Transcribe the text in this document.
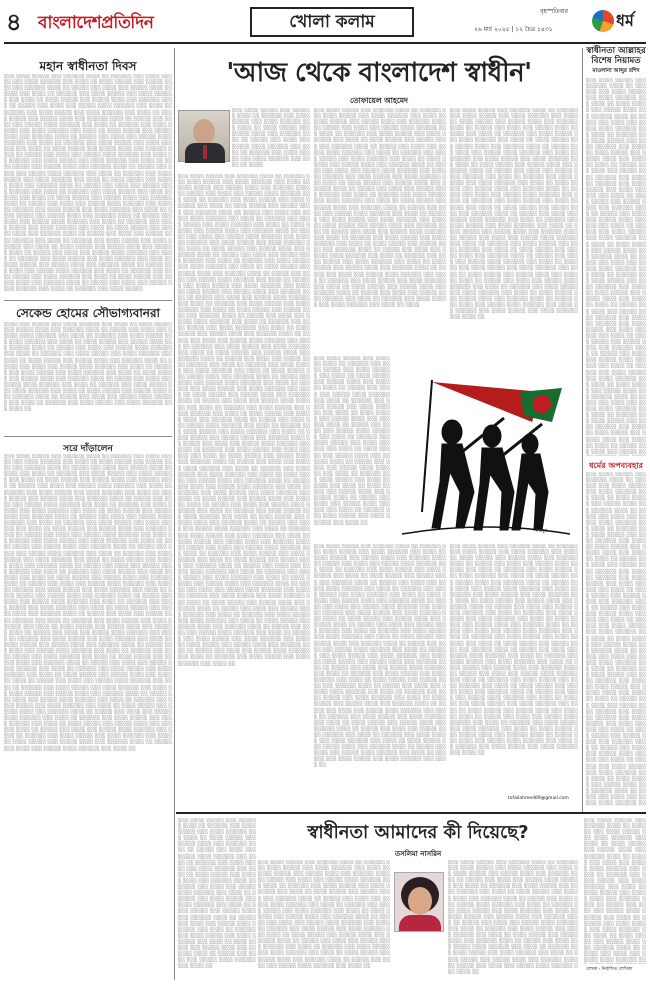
৪ বাংলাদেশপ্রতিদিন	খোলা কলাম
বৃহস্পতিবার
২৬ মার্চ ২০২৫ | ১২ চৈত্র ১৪৩১	ধর্ম
মহান স্বাধীনতা দিবস
░░░ ░░░░ ░░░░░ ░░░ ░░░░░░ ░░░░ ░░ ░░░░░░ ░░░ ░░░░ ░░░░░ ░░░ ░░░░ ░░░░░░ ░░░ ░░░░ ░░ ░░░░ ░░░░░ ░░░ ░░░░░ ░░░░ ░░░ ░░░░░░ ░░░░ ░░ ░░░░░ ░░░ ░░░░ ░░░ ░░░░░ ░░░░ ░░░░░░ ░░░ ░░░░ ░░ ░░░░░░ ░░░ ░░░░ ░░░░░ ░░░ ░░░░ ░░░░░░ ░░░ ░░░░ ░░ ░░░░ ░░░░░ ░░░ ░░░░░ ░░░░ ░░░ ░░░░░░ ░░░░ ░░ ░░░░░ ░░░ ░░░░ ░░░ ░░░░░ ░░░░ ░░░░░░ ░░░ ░░░░ ░░ ░░░░░░ ░░░ ░░░░ ░░░░░ ░░░ ░░░░ ░░░░░░ ░░░ ░░░░ ░░ ░░░░ ░░░░░ ░░░ ░░░░░ ░░░░ ░░░ ░░░░░░ ░░░░ ░░ ░░░░░ ░░░ ░░░░ ░░░ ░░░░░ ░░░░ ░░░░░░ ░░░ ░░░░ ░░ ░░░░░░ ░░░ ░░░░ ░░░░░ ░░░ ░░░░ ░░░░░░ ░░░ ░░░░ ░░ ░░░░ ░░░░░ ░░░ ░░░░░ ░░░░ ░░░ ░░░░░░ ░░░░ ░░ ░░░░░ ░░░ ░░░░ ░░░ ░░░░░ ░░░░ ░░░░░░ ░░░ ░░░░ ░░ ░░░░░░ ░░░ ░░░░ ░░░░░ ░░░ ░░░░ ░░░░░░ ░░░ ░░░░ ░░ ░░░░ ░░░░░ ░░░ ░░░░░ ░░░░ ░░░ ░░░░░░ ░░░░ ░░ ░░░░░ ░░░ ░░░░ ░░░ ░░░░░ ░░░░ ░░░░░░ ░░░ ░░░░ ░░ ░░░░░░ ░░░ ░░░░ ░░░░░ ░░░ ░░░░ ░░░░░░ ░░░ ░░░░ ░░ ░░░░ ░░░░░ ░░░ ░░░░░ ░░░░ ░░░ ░░░░░░ ░░░░ ░░ ░░░░░ ░░░ ░░░░ ░░░ ░░░░░ ░░░░ ░░░░░░ ░░░ ░░░░ ░░ ░░░░░░ ░░░ ░░░░ ░░░░░ ░░░ ░░░░ ░░░░░░ ░░░ ░░░░ ░░ ░░░░ ░░░░░ ░░░ ░░░░░ ░░░░ ░░░ ░░░░░░ ░░░░ ░░ ░░░░░ ░░░ ░░░░ ░░░ ░░░░░ ░░░░ ░░░░░░ ░░░ ░░░░ ░░ ░░░░░░ ░░░ ░░░░ ░░░░░ ░░░ ░░░░ ░░░░░░ ░░░ ░░░░ ░░ ░░░░ ░░░░░ ░░░ ░░░░░ ░░░░ ░░░ ░░░░░░ ░░░░ ░░ ░░░░░ ░░░ ░░░░ ░░░ ░░░░░ ░░░░ ░░░░░░ ░░░ ░░░░ ░░ ░░░░░░ ░░░ ░░░░ ░░░░░ ░░░ ░░░░ ░░░░░░ ░░░ ░░░░ ░░ ░░░░ ░░░░░ ░░░ ░░░░░ ░░░░ ░░░ ░░░░░░ ░░░░ ░░ ░░░░░ ░░░ ░░░░ ░░░ ░░░░░ ░░░░ ░░░░░░ ░░░ ░░░░ ░░ ░░░░░░ ░░░ ░░░░ ░░░░░ ░░░ ░░░░ ░░░░░░ ░░░ ░░░░ ░░ ░░░░ ░░░░░ ░░░ ░░░░░ ░░░░ ░░░ ░░░░░░ ░░░░ ░░ ░░░░░ ░░░ ░░░░ ░░░ ░░░░░ ░░░░ ░░░░░░ ░░░ ░░░░ ░░ ░░░░░░ ░░░ ░░░░ ░░░░░ ░░░ ░░░░ ░░░░░░ ░░░ ░░░░ ░░ ░░░░ ░░░░░ ░░░ ░░░░░ ░░░░ ░░░ ░░░░░░ ░░░░ ░░ ░░░░░ ░░░ ░░░░ ░░░ ░░░░░ ░░░░ ░░░░░░ ░░░ ░░░░ ░░ ░░░░░░ ░░░ ░░░░ ░░░░░ ░░░ ░░░░ ░░░░░░ ░░░ ░░░░ ░░ ░░░░ ░░░░░ ░░░ ░░░░░ ░░░░ ░░░ ░░░░░░ ░░░░ ░░ ░░░░░ ░░░ ░░░░ ░░░ ░░░░░ ░░░░ ░░░░░░ ░░░ ░░░░ ░░ ░░░░░░ ░░░ ░░░░ ░░░░░ ░░░ ░░░░ ░░░░░░ ░░░ ░░░░ ░░ ░░░░ ░░░░░ ░░░ ░░░░░ ░░░░ ░░░ ░░░░░░ ░░░░ ░░ ░░░░░ ░░░ ░░░░ ░░░ ░░░░░ ░░░░ ░░░░░░ ░░░ ░░░░ ░░ ░░░░░░ ░░░ ░░░░ ░░░░░
সেকেন্ড হোমের সৌভাগ্যবানরা
░░░░ ░░░ ░░░░░ ░░░ ░░░░ ░░░░░░ ░░░ ░░░░ ░░ ░░░░ ░░░░░ ░░░ ░░░░░ ░░░░ ░░░ ░░░░░░ ░░░░ ░░ ░░░░░ ░░░ ░░░░ ░░░ ░░░░░ ░░░░ ░░░░░░ ░░░ ░░░░ ░░ ░░░░░░ ░░░ ░░░░ ░░░░░ ░░░ ░░░░ ░░░░░░ ░░░ ░░░░ ░░ ░░░░ ░░░░░ ░░░ ░░░░░ ░░░░ ░░░ ░░░░░░ ░░░░ ░░ ░░░░░ ░░░ ░░░░ ░░░ ░░░░░ ░░░░ ░░░░░░ ░░░ ░░░░ ░░ ░░░░░░ ░░░ ░░░░ ░░░░░ ░░░ ░░░░ ░░░░░░ ░░░ ░░░░ ░░ ░░░░ ░░░░░ ░░░ ░░░░░ ░░░░ ░░░ ░░░░░░ ░░░░ ░░ ░░░░░ ░░░ ░░░░ ░░░ ░░░░░ ░░░░ ░░░░░░ ░░░ ░░░░ ░░ ░░░░░░ ░░░ ░░░░ ░░░░░ ░░░ ░░░░ ░░░░░░ ░░░ ░░░░ ░░ ░░░░ ░░░░░ ░░░ ░░░░░ ░░░░ ░░░ ░░░░░░ ░░░░ ░░ ░░░░░ ░░░ ░░░░ ░░░ ░░░░░ ░░░░ ░░░░░░ ░░░ ░░░░ ░░ ░░░░░░ ░░░ ░░░░ ░░░░░ ░░░ ░░░░ ░░░░░░ ░░░ ░░░░ ░░ ░░░░ ░░░░░ ░░░ ░░░░░ ░░░░ ░░░ ░░░░░░ ░░░░ ░░ ░░░░░ ░░░ ░░░░ ░░░ ░░░░░ ░░░░ ░░░░░░ ░░░ ░░░░ ░░ ░░░░░░ ░░░ ░░░░ ░░░░░ ░░░ ░░░░ ░░░░░░ ░░░ ░░░░ ░░
সরে দাঁড়ালেন
░░░ ░░░░ ░░░░░ ░░░ ░░░░░░ ░░░░ ░░ ░░░░░░ ░░░ ░░░░ ░░░░░ ░░░ ░░░░ ░░░░░░ ░░░ ░░░░ ░░ ░░░░ ░░░░░ ░░░ ░░░░░ ░░░░ ░░░ ░░░░░░ ░░░░ ░░ ░░░░░ ░░░ ░░░░ ░░░ ░░░░░ ░░░░ ░░░░░░ ░░░ ░░░░ ░░ ░░░░░░ ░░░ ░░░░ ░░░░░ ░░░ ░░░░ ░░░░░░ ░░░ ░░░░ ░░ ░░░░ ░░░░░ ░░░ ░░░░░ ░░░░ ░░░ ░░░░░░ ░░░░ ░░ ░░░░░ ░░░ ░░░░ ░░░ ░░░░░ ░░░░ ░░░░░░ ░░░ ░░░░ ░░ ░░░░░░ ░░░ ░░░░ ░░░░░ ░░░ ░░░░ ░░░░░░ ░░░ ░░░░ ░░ ░░░░ ░░░░░ ░░░ ░░░░░ ░░░░ ░░░ ░░░░░░ ░░░░ ░░ ░░░░░ ░░░ ░░░░ ░░░ ░░░░░ ░░░░ ░░░░░░ ░░░ ░░░░ ░░ ░░░░░░ ░░░ ░░░░ ░░░░░ ░░░ ░░░░ ░░░░░░ ░░░ ░░░░ ░░ ░░░░ ░░░░░ ░░░ ░░░░░ ░░░░ ░░░ ░░░░░░ ░░░░ ░░ ░░░░░ ░░░ ░░░░ ░░░ ░░░░░ ░░░░ ░░░░░░ ░░░ ░░░░ ░░ ░░░░░░ ░░░ ░░░░ ░░░░░ ░░░ ░░░░ ░░░░░░ ░░░ ░░░░ ░░ ░░░░ ░░░░░ ░░░ ░░░░░ ░░░░ ░░░ ░░░░░░ ░░░░ ░░ ░░░░░ ░░░ ░░░░ ░░░ ░░░░░ ░░░░ ░░░░░░ ░░░ ░░░░ ░░ ░░░░░░ ░░░ ░░░░ ░░░░░ ░░░ ░░░░ ░░░░░░ ░░░ ░░░░ ░░ ░░░░ ░░░░░ ░░░ ░░░░░ ░░░░ ░░░ ░░░░░░ ░░░░ ░░ ░░░░░ ░░░ ░░░░ ░░░ ░░░░░ ░░░░ ░░░░░░ ░░░ ░░░░ ░░ ░░░░░░ ░░░ ░░░░ ░░░░░ ░░░ ░░░░ ░░░░░░ ░░░ ░░░░ ░░ ░░░░ ░░░░░ ░░░ ░░░░░ ░░░░ ░░░ ░░░░░░ ░░░░ ░░ ░░░░░ ░░░ ░░░░ ░░░ ░░░░░ ░░░░ ░░░░░░ ░░░ ░░░░ ░░ ░░░░░░ ░░░ ░░░░ ░░░░░ ░░░ ░░░░ ░░░░░░ ░░░ ░░░░ ░░ ░░░░ ░░░░░ ░░░ ░░░░░ ░░░░ ░░░ ░░░░░░ ░░░░ ░░ ░░░░░ ░░░ ░░░░ ░░░ ░░░░░ ░░░░ ░░░░░░ ░░░ ░░░░ ░░ ░░░░░░ ░░░ ░░░░ ░░░░░ ░░░ ░░░░ ░░░░░░ ░░░ ░░░░ ░░ ░░░░ ░░░░░ ░░░ ░░░░░ ░░░░ ░░░ ░░░░░░ ░░░░ ░░ ░░░░░ ░░░ ░░░░ ░░░ ░░░░░ ░░░░ ░░░░░░ ░░░ ░░░░ ░░ ░░░░░░ ░░░ ░░░░ ░░░░░ ░░░ ░░░░ ░░░░░░ ░░░ ░░░░ ░░ ░░░░ ░░░░░ ░░░ ░░░░░ ░░░░ ░░░ ░░░░░░ ░░░░ ░░ ░░░░░ ░░░ ░░░░ ░░░ ░░░░░ ░░░░ ░░░░░░ ░░░ ░░░░ ░░ ░░░░░░ ░░░ ░░░░ ░░░░░ ░░░ ░░░░ ░░░░░░ ░░░ ░░░░ ░░ ░░░░ ░░░░░ ░░░ ░░░░░ ░░░░ ░░░ ░░░░░░ ░░░░ ░░ ░░░░░ ░░░ ░░░░ ░░░ ░░░░░ ░░░░ ░░░░░░ ░░░ ░░░░ ░░ ░░░░░░ ░░░ ░░░░ ░░░░░ ░░░ ░░░░ ░░░░░░ ░░░ ░░░░ ░░ ░░░░ ░░░░░ ░░░ ░░░░░ ░░░░ ░░░ ░░░░░░ ░░░░ ░░ ░░░░░ ░░░ ░░░░ ░░░ ░░░░░ ░░░░ ░░░░░░ ░░░ ░░░░ ░░ ░░░░░░ ░░░ ░░░░ ░░░░░ ░░░ ░░░░ ░░░░░░ ░░░ ░░░░ ░░ ░░░░ ░░░░░ ░░░ ░░░░░ ░░░░ ░░░ ░░░░░░ ░░░░ ░░ ░░░░░ ░░░ ░░░░ ░░░ ░░░░░ ░░░░ ░░░░░░ ░░░ ░░░░ ░░ ░░░░░░ ░░░ ░░░░ ░░░░░ ░░░ ░░░░ ░░░░░░ ░░░ ░░░░ ░░ ░░░░ ░░░░░ ░░░ ░░░░░ ░░░░ ░░░ ░░░░░░ ░░░░ ░░ ░░░░░ ░░░ ░░░░ ░░░ ░░░░░ ░░░░ ░░░░░░ ░░░ ░░░░ ░░ ░░░░░░ ░░░ ░░░░ ░░░░░ ░░░ ░░░░ ░░░░░░ ░░░ ░░░░ ░░ ░░░░ ░░░░░ ░░░ ░░░░░ ░░░░ ░░░ ░░░░░░ ░░░░ ░░ ░░░░░ ░░░ ░░░░ ░░░ ░░░░░ ░░░░ ░░░░░░ ░░░ ░░░░ ░░ ░░░░░░ ░░░ ░░░░ ░░░░░ ░░░ ░░░░ ░░░░░░ ░░░ ░░░░ ░░ ░░░░ ░░░░░ ░░░ ░░░░░ ░░░░ ░░░ ░░░░░░ ░░░░ ░░ ░░░░░ ░░░ ░░░░ ░░░ ░░░░░ ░░░░ ░░░░░░ ░░░ ░░░░ ░░ ░░░░░░ ░░░ ░░░░ ░░░░░ ░░░ ░░░░ ░░░░░░ ░░░ ░░░░ ░░ ░░░░ ░░░░░ ░░░ ░░░░░ ░░░░ ░░░ ░░░░░░ ░░░░ ░░ ░░░░░ ░░░ ░░░░ ░░░ ░░░░░ ░░░░ ░░░░░░ ░░░ ░░░░ ░░ ░░░░░░ ░░░ ░░░░ ░░░░░ ░░░ ░░░░ ░░░░░░ ░░░ ░░░░ ░░ ░░░░ ░░░░░ ░░░ ░░░░░ ░░░░ ░░░ ░░░░░░ ░░░░ ░░ ░░░░░ ░░░ ░░░░ ░░░ ░░░░░ ░░░░ ░░░░░░ ░░░ ░░░░ ░░
'আজ থেকে বাংলাদেশ স্বাধীন'
তোফায়েল আহমেদ
░░░ ░░░░ ░░░░░ ░░░ ░░░░░░ ░░░░ ░░ ░░░░░░ ░░░ ░░░░ ░░░░░ ░░░ ░░░░ ░░░░░░ ░░░ ░░░░ ░░ ░░░░ ░░░░░ ░░░ ░░░░░ ░░░░ ░░░ ░░░░░░ ░░░░ ░░ ░░░░░ ░░░ ░░░░ ░░░ ░░░░░ ░░░░ ░░░░░░ ░░░ ░░░░ ░░ ░░░░░░ ░░░ ░░░░ ░░░░░ ░░░ ░░░░ ░░░░░░ ░░░ ░░░░ ░░ ░░░░
░░░ ░░░░ ░░░░░ ░░░ ░░░░░░ ░░░░ ░░ ░░░░░░ ░░░ ░░░░ ░░░░░ ░░░ ░░░░ ░░░░░░ ░░░ ░░░░ ░░ ░░░░ ░░░░░ ░░░ ░░░░░ ░░░░ ░░░ ░░░░░░ ░░░░ ░░ ░░░░░ ░░░ ░░░░ ░░░ ░░░░░ ░░░░ ░░░░░░ ░░░ ░░░░ ░░ ░░░░░░ ░░░ ░░░░ ░░░░░ ░░░ ░░░░ ░░░░░░ ░░░ ░░░░ ░░ ░░░░ ░░░░░ ░░░ ░░░░░ ░░░░ ░░░ ░░░░░░ ░░░░ ░░ ░░░░░ ░░░ ░░░░ ░░░ ░░░░░ ░░░░ ░░░░░░ ░░░ ░░░░ ░░ ░░░░░░ ░░░ ░░░░ ░░░░░ ░░░ ░░░░ ░░░░░░ ░░░ ░░░░ ░░ ░░░░ ░░░░░ ░░░ ░░░░░ ░░░░ ░░░ ░░░░░░ ░░░░ ░░ ░░░░░ ░░░ ░░░░ ░░░ ░░░░░ ░░░░ ░░░░░░ ░░░ ░░░░ ░░ ░░░░░░ ░░░ ░░░░ ░░░░░ ░░░ ░░░░ ░░░░░░ ░░░ ░░░░ ░░ ░░░░ ░░░░░ ░░░ ░░░░░ ░░░░ ░░░ ░░░░░░ ░░░░ ░░ ░░░░░ ░░░ ░░░░ ░░░ ░░░░░ ░░░░ ░░░░░░ ░░░ ░░░░ ░░ ░░░░░░ ░░░ ░░░░ ░░░░░ ░░░ ░░░░ ░░░░░░ ░░░ ░░░░ ░░ ░░░░ ░░░░░ ░░░ ░░░░░ ░░░░ ░░░ ░░░░░░ ░░░░ ░░ ░░░░░ ░░░ ░░░░ ░░░ ░░░░░ ░░░░ ░░░░░░ ░░░ ░░░░ ░░ ░░░░░░ ░░░ ░░░░ ░░░░░ ░░░ ░░░░ ░░░░░░ ░░░ ░░░░ ░░ ░░░░ ░░░░░ ░░░ ░░░░░ ░░░░ ░░░ ░░░░░░ ░░░░ ░░ ░░░░░ ░░░ ░░░░ ░░░ ░░░░░ ░░░░ ░░░░░░ ░░░ ░░░░ ░░ ░░░░░░ ░░░ ░░░░ ░░░░░ ░░░ ░░░░ ░░░░░░ ░░░ ░░░░ ░░ ░░░░ ░░░░░ ░░░ ░░░░░ ░░░░ ░░░ ░░░░░░ ░░░░ ░░ ░░░░░ ░░░ ░░░░ ░░░ ░░░░░ ░░░░ ░░░░░░ ░░░ ░░░░ ░░ ░░░░░░ ░░░ ░░░░ ░░░░░ ░░░ ░░░░ ░░░░░░ ░░░ ░░░░ ░░ ░░░░ ░░░░░ ░░░ ░░░░░ ░░░░ ░░░ ░░░░░░ ░░░░ ░░ ░░░░░ ░░░ ░░░░ ░░░ ░░░░░ ░░░░ ░░░░░░ ░░░ ░░░░ ░░ ░░░░░░ ░░░ ░░░░ ░░░░░ ░░░ ░░░░ ░░░░░░ ░░░ ░░░░ ░░ ░░░░ ░░░░░ ░░░ ░░░░░ ░░░░ ░░░ ░░░░░░ ░░░░ ░░ ░░░░░ ░░░ ░░░░ ░░░ ░░░░░ ░░░░ ░░░░░░ ░░░ ░░░░ ░░ ░░░░░░ ░░░ ░░░░ ░░░░░ ░░░ ░░░░ ░░░░░░ ░░░ ░░░░ ░░ ░░░░ ░░░░░ ░░░ ░░░░░ ░░░░ ░░░ ░░░░░░ ░░░░ ░░ ░░░░░ ░░░ ░░░░ ░░░ ░░░░░ ░░░░ ░░░░░░ ░░░ ░░░░ ░░ ░░░░░░ ░░░ ░░░░ ░░░░░ ░░░ ░░░░ ░░░░░░ ░░░ ░░░░ ░░ ░░░░ ░░░░░ ░░░ ░░░░░ ░░░░ ░░░ ░░░░░░ ░░░░ ░░ ░░░░░ ░░░ ░░░░ ░░░ ░░░░░ ░░░░ ░░░░░░ ░░░ ░░░░ ░░ ░░░░░░ ░░░ ░░░░ ░░░░░ ░░░ ░░░░ ░░░░░░ ░░░ ░░░░ ░░ ░░░░ ░░░░░ ░░░ ░░░░░ ░░░░ ░░░ ░░░░░░ ░░░░ ░░ ░░░░░ ░░░ ░░░░ ░░░ ░░░░░ ░░░░ ░░░░░░ ░░░ ░░░░ ░░ ░░░░░░ ░░░ ░░░░ ░░░░░ ░░░ ░░░░ ░░░░░░ ░░░ ░░░░ ░░ ░░░░ ░░░░░ ░░░ ░░░░░ ░░░░ ░░░ ░░░░░░ ░░░░ ░░ ░░░░░ ░░░ ░░░░ ░░░ ░░░░░ ░░░░ ░░░░░░ ░░░ ░░░░ ░░ ░░░░░░ ░░░ ░░░░ ░░░░░ ░░░ ░░░░ ░░░░░░ ░░░ ░░░░ ░░ ░░░░ ░░░░░ ░░░ ░░░░░ ░░░░ ░░░ ░░░░░░ ░░░░ ░░ ░░░░░ ░░░ ░░░░ ░░░ ░░░░░ ░░░░ ░░░░░░ ░░░ ░░░░ ░░ ░░░░░░ ░░░ ░░░░ ░░░░░ ░░░ ░░░░ ░░░░░░ ░░░ ░░░░ ░░ ░░░░ ░░░░░ ░░░ ░░░░░ ░░░░ ░░░ ░░░░░░ ░░░░ ░░ ░░░░░ ░░░ ░░░░ ░░░ ░░░░░ ░░░░ ░░░░░░ ░░░ ░░░░ ░░ ░░░░░░ ░░░ ░░░░ ░░░░░ ░░░ ░░░░ ░░░░░░ ░░░ ░░░░ ░░ ░░░░ ░░░░░ ░░░ ░░░░░ ░░░░ ░░░ ░░░░░░ ░░░░ ░░ ░░░░░ ░░░ ░░░░ ░░░ ░░░░░ ░░░░ ░░░░░░ ░░░ ░░░░ ░░ ░░░░░░ ░░░ ░░░░ ░░░░░ ░░░ ░░░░ ░░░░░░ ░░░ ░░░░ ░░ ░░░░ ░░░░░ ░░░ ░░░░░ ░░░░ ░░░ ░░░░░░ ░░░░ ░░ ░░░░░ ░░░ ░░░░ ░░░ ░░░░░ ░░░░ ░░░░░░ ░░░ ░░░░ ░░ ░░░░░░ ░░░ ░░░░ ░░░░░ ░░░ ░░░░ ░░░░░░ ░░░ ░░░░ ░░ ░░░░ ░░░░░ ░░░ ░░░░░ ░░░░ ░░░ ░░░░░░ ░░░░ ░░ ░░░░░ ░░░ ░░░░ ░░░ ░░░░░ ░░░░ ░░░░░░ ░░░ ░░░░ ░░ ░░░░░░ ░░░ ░░░░ ░░░░░ ░░░ ░░░░ ░░░░░░ ░░░ ░░░░ ░░ ░░░░ ░░░░░ ░░░ ░░░░░ ░░░░ ░░░ ░░░░░░ ░░░░ ░░ ░░░░░ ░░░ ░░░░ ░░░ ░░░░░ ░░░░ ░░░░░░ ░░░ ░░░░ ░░ ░░░░░░ ░░░ ░░░░ ░░░░░ ░░░ ░░░░ ░░░░░░ ░░░ ░░░░ ░░ ░░░░ ░░░░░ ░░░ ░░░░░ ░░░░ ░░░ ░░░░░░ ░░░░ ░░ ░░░░░ ░░░ ░░░░ ░░░ ░░░░░ ░░░░ ░░░░░░ ░░░ ░░░░ ░░ ░░░░░░ ░░░ ░░░░ ░░░░░ ░░░ ░░░░ ░░░░░░ ░░░ ░░░░ ░░ ░░░░ ░░░░░ ░░░ ░░░░░ ░░░░ ░░░ ░░░░░░ ░░░░ ░░ ░░░░░ ░░░ ░░░░ ░░░ ░░░░░ ░░░░ ░░░░░░ ░░░ ░░░░ ░░ ░░░░░░ ░░░ ░░░░ ░░░░░ ░░░ ░░░░ ░░░░░░ ░░░ ░░░░ ░░ ░░░░ ░░░░░ ░░░ ░░░░░ ░░░░ ░░░ ░░░░░░ ░░░░ ░░ ░░░░░ ░░░ ░░░░ ░░░ ░░░░░ ░░░░ ░░░░░░ ░░░ ░░░░ ░░ ░░░░░░ ░░░ ░░░░ ░░░░░ ░░░ ░░░░ ░░░░░░ ░░░ ░░░░ ░░ ░░░░ ░░░░░ ░░░ ░░░░░ ░░░░ ░░░ ░░░░░░ ░░░░ ░░ ░░░░░ ░░░ ░░░░ ░░░ ░░░░░ ░░░░ ░░░░░░ ░░░ ░░░░ ░░ ░░░░░░ ░░░ ░░░░ ░░░░░ ░░░ ░░░░ ░░░░░░ ░░░ ░░░░ ░░
░░░ ░░░░ ░░░░░ ░░░ ░░░░░░ ░░░░ ░░ ░░░░░░ ░░░ ░░░░ ░░░░░ ░░░ ░░░░ ░░░░░░ ░░░ ░░░░ ░░ ░░░░ ░░░░░ ░░░ ░░░░░ ░░░░ ░░░ ░░░░░░ ░░░░ ░░ ░░░░░ ░░░ ░░░░ ░░░ ░░░░░ ░░░░ ░░░░░░ ░░░ ░░░░ ░░ ░░░░░░ ░░░ ░░░░ ░░░░░ ░░░ ░░░░ ░░░░░░ ░░░ ░░░░ ░░ ░░░░ ░░░░░ ░░░ ░░░░░ ░░░░ ░░░ ░░░░░░ ░░░░ ░░ ░░░░░ ░░░ ░░░░ ░░░ ░░░░░ ░░░░ ░░░░░░ ░░░ ░░░░ ░░ ░░░░░░ ░░░ ░░░░ ░░░░░ ░░░ ░░░░ ░░░░░░ ░░░ ░░░░ ░░ ░░░░ ░░░░░ ░░░ ░░░░░ ░░░░ ░░░ ░░░░░░ ░░░░ ░░ ░░░░░ ░░░ ░░░░ ░░░ ░░░░░ ░░░░ ░░░░░░ ░░░ ░░░░ ░░ ░░░░░░ ░░░ ░░░░ ░░░░░ ░░░ ░░░░ ░░░░░░ ░░░ ░░░░ ░░ ░░░░ ░░░░░ ░░░ ░░░░░ ░░░░ ░░░ ░░░░░░ ░░░░ ░░ ░░░░░ ░░░ ░░░░ ░░░ ░░░░░ ░░░░ ░░░░░░ ░░░ ░░░░ ░░ ░░░░░░ ░░░ ░░░░ ░░░░░ ░░░ ░░░░ ░░░░░░ ░░░ ░░░░ ░░ ░░░░ ░░░░░ ░░░ ░░░░░ ░░░░ ░░░ ░░░░░░ ░░░░ ░░ ░░░░░ ░░░ ░░░░ ░░░ ░░░░░ ░░░░ ░░░░░░ ░░░ ░░░░ ░░ ░░░░░░ ░░░ ░░░░ ░░░░░ ░░░ ░░░░ ░░░░░░ ░░░ ░░░░ ░░ ░░░░ ░░░░░ ░░░ ░░░░░ ░░░░ ░░░ ░░░░░░ ░░░░ ░░ ░░░░░ ░░░ ░░░░ ░░░ ░░░░░ ░░░░ ░░░░░░ ░░░ ░░░░ ░░ ░░░░░░ ░░░ ░░░░ ░░░░░ ░░░ ░░░░ ░░░░░░ ░░░ ░░░░ ░░ ░░░░ ░░░░░ ░░░ ░░░░░ ░░░░ ░░░ ░░░░░░ ░░░░ ░░ ░░░░░ ░░░ ░░░░ ░░░ ░░░░░ ░░░░ ░░░░░░ ░░░ ░░░░ ░░ ░░░░░░ ░░░ ░░░░ ░░░░░ ░░░ ░░░░ ░░░░░░ ░░░ ░░░░ ░░ ░░░░ ░░░░░ ░░░ ░░░░░ ░░░░ ░░░ ░░░░░░ ░░░░ ░░ ░░░░░ ░░░ ░░░░ ░░░ ░░░░░ ░░░░ ░░░░░░ ░░░ ░░░░ ░░ ░░░░░░ ░░░ ░░░░ ░░░░░ ░░░ ░░░░ ░░░░░░ ░░░ ░░░░ ░░ ░░░░ ░░░░░ ░░░ ░░░░░ ░░░░ ░░░ ░░░░░░ ░░░░ ░░ ░░░░░ ░░░ ░░░░ ░░░ ░░░░░ ░░░░ ░░░░░░ ░░░ ░░░░ ░░ ░░░░░░ ░░░ ░░░░ ░░░░░ ░░░ ░░░░ ░░░░░░ ░░░ ░░░░ ░░ ░░░░
░░░ ░░░░ ░░░░░ ░░░ ░░░░░░ ░░░░ ░░ ░░░░░░ ░░░ ░░░░ ░░░░░ ░░░ ░░░░ ░░░░░░ ░░░ ░░░░ ░░ ░░░░ ░░░░░ ░░░ ░░░░░ ░░░░ ░░░ ░░░░░░ ░░░░ ░░ ░░░░░ ░░░ ░░░░ ░░░ ░░░░░ ░░░░ ░░░░░░ ░░░ ░░░░ ░░ ░░░░░░ ░░░ ░░░░ ░░░░░ ░░░ ░░░░ ░░░░░░ ░░░ ░░░░ ░░ ░░░░ ░░░░░ ░░░ ░░░░░ ░░░░ ░░░ ░░░░░░ ░░░░ ░░ ░░░░░ ░░░ ░░░░ ░░░ ░░░░░ ░░░░ ░░░░░░ ░░░ ░░░░ ░░ ░░░░░░ ░░░ ░░░░ ░░░░░ ░░░ ░░░░ ░░░░░░ ░░░ ░░░░ ░░ ░░░░ ░░░░░ ░░░ ░░░░░ ░░░░ ░░░ ░░░░░░ ░░░░ ░░ ░░░░░ ░░░ ░░░░ ░░░ ░░░░░ ░░░░ ░░░░░░ ░░░ ░░░░ ░░ ░░░░░░ ░░░ ░░░░ ░░░░░ ░░░ ░░░░ ░░░░░░ ░░░ ░░░░ ░░ ░░░░ ░░░░░ ░░░ ░░░░░ ░░░░ ░░░ ░░░░░░ ░░░░ ░░ ░░░░░ ░░░ ░░░░ ░░░ ░░░░░ ░░░░ ░░░░░░ ░░░ ░░░░ ░░ ░░░░░░ ░░░ ░░░░ ░░░░░ ░░░ ░░░░ ░░░░░░ ░░░ ░░░░ ░░ ░░░░ ░░░░░ ░░░ ░░░░░ ░░░░ ░░░ ░░░░░░ ░░░░ ░░ ░░░░░ ░░░ ░░░░ ░░░ ░░░░░ ░░░░ ░░░░░░ ░░░ ░░░░ ░░ ░░░░░░ ░░░ ░░░░ ░░░░░ ░░░ ░░░░ ░░░░░░ ░░░ ░░░░ ░░ ░░░░ ░░░░░ ░░░ ░░░░░ ░░░░ ░░░ ░░░░░░ ░░░░ ░░ ░░░░░ ░░░ ░░░░ ░░░ ░░░░░ ░░░░ ░░░░░░ ░░░ ░░░░ ░░ ░░░░░░ ░░░ ░░░░ ░░░░░ ░░░ ░░░░ ░░░░░░ ░░░ ░░░░ ░░ ░░░░ ░░░░░ ░░░ ░░░░░ ░░░░ ░░░ ░░░░░░ ░░░░ ░░ ░░░░░ ░░░ ░░░░ ░░░ ░░░░░ ░░░░ ░░░░░░ ░░░ ░░░░ ░░ ░░░░░░ ░░░ ░░░░ ░░░░░ ░░░ ░░░░ ░░░░░░ ░░░ ░░░░ ░░ ░░░░ ░░░░░ ░░░ ░░░░░ ░░░░ ░░░ ░░░░░░ ░░░░ ░░ ░░░░░ ░░░ ░░░░ ░░░ ░░░░░ ░░░░ ░░░░░░ ░░░ ░░░░ ░░ ░░░░░░ ░░░ ░░░░ ░░░░░ ░░░ ░░░░ ░░░░░░ ░░░ ░░░░ ░░ ░░░░ ░░░░░ ░░░ ░░░░░ ░░░░ ░░░ ░░░░░░ ░░░░ ░░ ░░░░░ ░░░ ░░░░ ░░░ ░░░░░ ░░░░ ░░░░░░ ░░░ ░░░░ ░░ ░░░░░░ ░░░ ░░░░ ░░░░░ ░░░ ░░░░ ░░░░░░ ░░░ ░░░░ ░░
░░░ ░░░░ ░░░░░ ░░░ ░░░░░░ ░░░░ ░░ ░░░░░░ ░░░ ░░░░ ░░░░░ ░░░ ░░░░ ░░░░░░ ░░░ ░░░░ ░░ ░░░░ ░░░░░ ░░░ ░░░░░ ░░░░ ░░░ ░░░░░░ ░░░░ ░░ ░░░░░ ░░░ ░░░░ ░░░ ░░░░░ ░░░░ ░░░░░░ ░░░ ░░░░ ░░ ░░░░░░ ░░░ ░░░░ ░░░░░ ░░░ ░░░░ ░░░░░░ ░░░ ░░░░ ░░ ░░░░ ░░░░░ ░░░ ░░░░░ ░░░░ ░░░ ░░░░░░ ░░░░ ░░ ░░░░░ ░░░ ░░░░ ░░░ ░░░░░ ░░░░ ░░░░░░ ░░░ ░░░░ ░░ ░░░░░░ ░░░ ░░░░ ░░░░░ ░░░ ░░░░ ░░░░░░ ░░░ ░░░░ ░░ ░░░░ ░░░░░ ░░░ ░░░░░ ░░░░ ░░░ ░░░░░░ ░░░░ ░░ ░░░░░ ░░░ ░░░░ ░░░ ░░░░░ ░░░░ ░░░░░░ ░░░ ░░░░ ░░ ░░░░░░ ░░░ ░░░░ ░░░░░ ░░░ ░░░░ ░░░░░░ ░░░ ░░░░ ░░ ░░░░ ░░░░░ ░░░ ░░░░░ ░░░░ ░░░ ░░░░░░ ░░░░ ░░ ░░░░░ ░░░ ░░░░ ░░░ ░░░░░ ░░░░ ░░░░░░ ░░░ ░░░░ ░░ ░░░░░░ ░░░ ░░░░ ░░░░░ ░░░ ░░░░ ░░░░░░ ░░░ ░░░░ ░░
মাহবুব
░░░ ░░░░ ░░░░░ ░░░ ░░░░░░ ░░░░ ░░ ░░░░░░ ░░░ ░░░░ ░░░░░ ░░░ ░░░░ ░░░░░░ ░░░ ░░░░ ░░ ░░░░ ░░░░░ ░░░ ░░░░░ ░░░░ ░░░ ░░░░░░ ░░░░ ░░ ░░░░░ ░░░ ░░░░ ░░░ ░░░░░ ░░░░ ░░░░░░ ░░░ ░░░░ ░░ ░░░░░░ ░░░ ░░░░ ░░░░░ ░░░ ░░░░ ░░░░░░ ░░░ ░░░░ ░░ ░░░░ ░░░░░ ░░░ ░░░░░ ░░░░ ░░░ ░░░░░░ ░░░░ ░░ ░░░░░ ░░░ ░░░░ ░░░ ░░░░░ ░░░░ ░░░░░░ ░░░ ░░░░ ░░ ░░░░░░ ░░░ ░░░░ ░░░░░ ░░░ ░░░░ ░░░░░░ ░░░ ░░░░ ░░ ░░░░ ░░░░░ ░░░ ░░░░░ ░░░░ ░░░ ░░░░░░ ░░░░ ░░ ░░░░░ ░░░ ░░░░ ░░░ ░░░░░ ░░░░ ░░░░░░ ░░░ ░░░░ ░░ ░░░░░░ ░░░ ░░░░ ░░░░░ ░░░ ░░░░ ░░░░░░ ░░░ ░░░░ ░░ ░░░░ ░░░░░ ░░░ ░░░░░ ░░░░ ░░░ ░░░░░░ ░░░░ ░░ ░░░░░ ░░░ ░░░░ ░░░ ░░░░░ ░░░░ ░░░░░░ ░░░ ░░░░ ░░ ░░░░░░ ░░░ ░░░░ ░░░░░ ░░░ ░░░░ ░░░░░░ ░░░ ░░░░ ░░ ░░░░ ░░░░░ ░░░ ░░░░░ ░░░░ ░░░ ░░░░░░ ░░░░ ░░ ░░░░░ ░░░ ░░░░ ░░░ ░░░░░ ░░░░ ░░░░░░ ░░░ ░░░░ ░░ ░░░░░░ ░░░ ░░░░ ░░░░░ ░░░ ░░░░ ░░░░░░ ░░░ ░░░░ ░░ ░░░░ ░░░░░ ░░░ ░░░░░ ░░░░ ░░░ ░░░░░░ ░░░░ ░░ ░░░░░ ░░░ ░░░░ ░░░ ░░░░░ ░░░░ ░░░░░░ ░░░ ░░░░ ░░ ░░░░░░ ░░░ ░░░░ ░░░░░ ░░░ ░░░░ ░░░░░░ ░░░ ░░░░ ░░ ░░░░ ░░░░░ ░░░ ░░░░░ ░░░░ ░░░ ░░░░░░ ░░░░ ░░ ░░░░░ ░░░ ░░░░ ░░░ ░░░░░ ░░░░ ░░░░░░ ░░░ ░░░░ ░░ ░░░░░░ ░░░ ░░░░ ░░░░░ ░░░ ░░░░ ░░░░░░ ░░░ ░░░░ ░░ ░░░░ ░░░░░ ░░░ ░░░░░ ░░░░ ░░░ ░░░░░░ ░░░░ ░░ ░░░░░ ░░░ ░░░░ ░░░ ░░░░░ ░░░░ ░░░░░░ ░░░ ░░░░ ░░ ░░░░░░ ░░░ ░░░░ ░░░░░ ░░░ ░░░░ ░░░░░░ ░░░ ░░░░ ░░ ░░░░ ░░░░░ ░░░ ░░░░░ ░░░░ ░░░ ░░░░░░ ░░░░ ░░ ░░░░░ ░░░ ░░░░ ░░░ ░░░░░ ░░░░ ░░░░░░ ░░░ ░░░░ ░░ ░░░░░░ ░░░ ░░░░ ░░░░░ ░░░ ░░░░ ░░░░░░ ░░░ ░░░░ ░░ ░░░░ ░░░░░ ░░░ ░░░░░ ░░░░ ░░░ ░░░░░░ ░░░░ ░░ ░░░░░ ░░░ ░░░░ ░░░ ░░░░░ ░░░░ ░░░░░░ ░░░ ░░░░ ░░ ░░░░░░ ░░░ ░░░░ ░░░░░ ░░░ ░░░░ ░░░░░░ ░░░ ░░░░ ░░
░░░ ░░░░ ░░░░░ ░░░ ░░░░░░ ░░░░ ░░ ░░░░░░ ░░░ ░░░░ ░░░░░ ░░░ ░░░░ ░░░░░░ ░░░ ░░░░ ░░ ░░░░ ░░░░░ ░░░ ░░░░░ ░░░░ ░░░ ░░░░░░ ░░░░ ░░ ░░░░░ ░░░ ░░░░ ░░░ ░░░░░ ░░░░ ░░░░░░ ░░░ ░░░░ ░░ ░░░░░░ ░░░ ░░░░ ░░░░░ ░░░ ░░░░ ░░░░░░ ░░░ ░░░░ ░░ ░░░░ ░░░░░ ░░░ ░░░░░ ░░░░ ░░░ ░░░░░░ ░░░░ ░░ ░░░░░ ░░░ ░░░░ ░░░ ░░░░░ ░░░░ ░░░░░░ ░░░ ░░░░ ░░ ░░░░░░ ░░░ ░░░░ ░░░░░ ░░░ ░░░░ ░░░░░░ ░░░ ░░░░ ░░ ░░░░ ░░░░░ ░░░ ░░░░░ ░░░░ ░░░ ░░░░░░ ░░░░ ░░ ░░░░░ ░░░ ░░░░ ░░░ ░░░░░ ░░░░ ░░░░░░ ░░░ ░░░░ ░░ ░░░░░░ ░░░ ░░░░ ░░░░░ ░░░ ░░░░ ░░░░░░ ░░░ ░░░░ ░░ ░░░░ ░░░░░ ░░░ ░░░░░ ░░░░ ░░░ ░░░░░░ ░░░░ ░░ ░░░░░ ░░░ ░░░░ ░░░ ░░░░░ ░░░░ ░░░░░░ ░░░ ░░░░ ░░ ░░░░░░ ░░░ ░░░░ ░░░░░ ░░░ ░░░░ ░░░░░░ ░░░ ░░░░ ░░ ░░░░ ░░░░░ ░░░ ░░░░░ ░░░░ ░░░ ░░░░░░ ░░░░ ░░ ░░░░░ ░░░ ░░░░ ░░░ ░░░░░ ░░░░ ░░░░░░ ░░░ ░░░░ ░░ ░░░░░░ ░░░ ░░░░ ░░░░░ ░░░ ░░░░ ░░░░░░ ░░░ ░░░░ ░░ ░░░░ ░░░░░ ░░░ ░░░░░ ░░░░ ░░░ ░░░░░░ ░░░░ ░░ ░░░░░ ░░░ ░░░░ ░░░ ░░░░░ ░░░░ ░░░░░░ ░░░ ░░░░ ░░ ░░░░░░ ░░░ ░░░░ ░░░░░ ░░░ ░░░░ ░░░░░░ ░░░ ░░░░ ░░ ░░░░ ░░░░░ ░░░ ░░░░░ ░░░░ ░░░ ░░░░░░ ░░░░ ░░ ░░░░░ ░░░ ░░░░ ░░░ ░░░░░ ░░░░ ░░░░░░ ░░░ ░░░░ ░░ ░░░░░░ ░░░ ░░░░ ░░░░░ ░░░ ░░░░ ░░░░░░ ░░░ ░░░░ ░░ ░░░░ ░░░░░ ░░░ ░░░░░ ░░░░ ░░░ ░░░░░░ ░░░░ ░░ ░░░░░ ░░░ ░░░░ ░░░ ░░░░░ ░░░░ ░░░░░░ ░░░ ░░░░ ░░ ░░░░░░ ░░░ ░░░░ ░░░░░ ░░░ ░░░░ ░░░░░░ ░░░ ░░░░ ░░ ░░░░ ░░░░░ ░░░ ░░░░░ ░░░░ ░░░ ░░░░░░ ░░░░ ░░ ░░░░░ ░░░ ░░░░ ░░░ ░░░░░ ░░░░ ░░░░░░ ░░░ ░░░░ ░░ ░░░░░░ ░░░ ░░░░ ░░░░░ ░░░ ░░░░ ░░░░░░ ░░░ ░░░░ ░░
tofailahmed69@gmail.com
স্বাধীনতা আল্লাহর বিশেষ নিয়ামত
মাওলানা আব্দুর রশিদ
░░░ ░░░░ ░░░░░ ░░░ ░░░░░░ ░░░░ ░░ ░░░░░░ ░░░ ░░░░ ░░░░░ ░░░ ░░░░ ░░░░░░ ░░░ ░░░░ ░░ ░░░░ ░░░░░ ░░░ ░░░░░ ░░░░ ░░░ ░░░░░░ ░░░░ ░░ ░░░░░ ░░░ ░░░░ ░░░ ░░░░░ ░░░░ ░░░░░░ ░░░ ░░░░ ░░ ░░░░░░ ░░░ ░░░░ ░░░░░ ░░░ ░░░░ ░░░░░░ ░░░ ░░░░ ░░ ░░░░ ░░░░░ ░░░ ░░░░░ ░░░░ ░░░ ░░░░░░ ░░░░ ░░ ░░░░░ ░░░ ░░░░ ░░░ ░░░░░ ░░░░ ░░░░░░ ░░░ ░░░░ ░░ ░░░░░░ ░░░ ░░░░ ░░░░░ ░░░ ░░░░ ░░░░░░ ░░░ ░░░░ ░░ ░░░░ ░░░░░ ░░░ ░░░░░ ░░░░ ░░░ ░░░░░░ ░░░░ ░░ ░░░░░ ░░░ ░░░░ ░░░ ░░░░░ ░░░░ ░░░░░░ ░░░ ░░░░ ░░ ░░░░░░ ░░░ ░░░░ ░░░░░ ░░░ ░░░░ ░░░░░░ ░░░ ░░░░ ░░ ░░░░ ░░░░░ ░░░ ░░░░░ ░░░░ ░░░ ░░░░░░ ░░░░ ░░ ░░░░░ ░░░ ░░░░ ░░░ ░░░░░ ░░░░ ░░░░░░ ░░░ ░░░░ ░░ ░░░░░░ ░░░ ░░░░ ░░░░░ ░░░ ░░░░ ░░░░░░ ░░░ ░░░░ ░░ ░░░░ ░░░░░ ░░░ ░░░░░ ░░░░ ░░░ ░░░░░░ ░░░░ ░░ ░░░░░ ░░░ ░░░░ ░░░ ░░░░░ ░░░░ ░░░░░░ ░░░ ░░░░ ░░ ░░░░░░ ░░░ ░░░░ ░░░░░ ░░░ ░░░░ ░░░░░░ ░░░ ░░░░ ░░ ░░░░ ░░░░░ ░░░ ░░░░░ ░░░░ ░░░ ░░░░░░ ░░░░ ░░ ░░░░░ ░░░ ░░░░ ░░░ ░░░░░ ░░░░ ░░░░░░ ░░░ ░░░░ ░░ ░░░░░░ ░░░ ░░░░ ░░░░░ ░░░ ░░░░ ░░░░░░ ░░░ ░░░░ ░░ ░░░░ ░░░░░ ░░░ ░░░░░ ░░░░ ░░░ ░░░░░░ ░░░░ ░░ ░░░░░ ░░░ ░░░░ ░░░ ░░░░░ ░░░░ ░░░░░░ ░░░ ░░░░ ░░ ░░░░░░ ░░░ ░░░░ ░░░░░ ░░░ ░░░░ ░░░░░░ ░░░ ░░░░ ░░ ░░░░ ░░░░░ ░░░ ░░░░░ ░░░░ ░░░ ░░░░░░ ░░░░ ░░ ░░░░░ ░░░ ░░░░ ░░░ ░░░░░ ░░
ধর্মের অপব্যবহার
░░░ ░░░░ ░░░░░ ░░░ ░░░░░░ ░░░░ ░░ ░░░░░░ ░░░ ░░░░ ░░░░░ ░░░ ░░░░ ░░░░░░ ░░░ ░░░░ ░░ ░░░░ ░░░░░ ░░░ ░░░░░ ░░░░ ░░░ ░░░░░░ ░░░░ ░░ ░░░░░ ░░░ ░░░░ ░░░ ░░░░░ ░░░░ ░░░░░░ ░░░ ░░░░ ░░ ░░░░░░ ░░░ ░░░░ ░░░░░ ░░░ ░░░░ ░░░░░░ ░░░ ░░░░ ░░ ░░░░ ░░░░░ ░░░ ░░░░░ ░░░░ ░░░ ░░░░░░ ░░░░ ░░ ░░░░░ ░░░ ░░░░ ░░░ ░░░░░ ░░░░ ░░░░░░ ░░░ ░░░░ ░░ ░░░░░░ ░░░ ░░░░ ░░░░░ ░░░ ░░░░ ░░░░░░ ░░░ ░░░░ ░░ ░░░░ ░░░░░ ░░░ ░░░░░ ░░░░ ░░░ ░░░░░░ ░░░░ ░░ ░░░░░ ░░░ ░░░░ ░░░ ░░░░░ ░░░░ ░░░░░░ ░░░ ░░░░ ░░ ░░░░░░ ░░░ ░░░░ ░░░░░ ░░░ ░░░░ ░░░░░░ ░░░ ░░░░ ░░ ░░░░ ░░░░░ ░░░ ░░░░░ ░░░░ ░░░ ░░░░░░ ░░░░ ░░ ░░░░░ ░░░ ░░░░ ░░░ ░░░░░ ░░░░ ░░░░░░ ░░░ ░░░░ ░░ ░░░░░░ ░░░ ░░░░ ░░░░░ ░░░ ░░░░ ░░░░░░ ░░░ ░░░░ ░░ ░░░░ ░░░░░ ░░░ ░░░░░ ░░░░ ░░░ ░░░░░░ ░░░░ ░░ ░░░░░ ░░░ ░░░░ ░░░ ░░░░░ ░░░░ ░░░░░░ ░░░ ░░░░ ░░ ░░░░░░ ░░░ ░░░░ ░░░░░ ░░░ ░░░░ ░░░░░░ ░░░ ░░░░ ░░ ░░░░ ░░░░░ ░░░ ░░░░░ ░░░░ ░░░ ░░░░░░ ░░░░ ░░ ░░░░░ ░░░ ░░░░ ░░░ ░░░░░ ░░░░ ░░░░░░ ░░░ ░░░░ ░░ ░░░░░░ ░░░ ░░░░ ░░░░░ ░░░ ░░░░ ░░░░░░ ░░░ ░░░░ ░░ ░░░░ ░░░░░ ░░░ ░░░░░ ░░░░ ░░░ ░░░░░░ ░░░░ ░░ ░░░░░ ░░░ ░░░░ ░░░ ░░░░░ ░░░░ ░░░░░░ ░░
░░░ ░░░░ ░░░░░ ░░░ ░░░░░░ ░░░░ ░░ ░░░░░░ ░░░ ░░░░ ░░░░░ ░░░ ░░░░ ░░░░░░ ░░░ ░░░░ ░░ ░░░░ ░░░░░ ░░░ ░░░░░ ░░░░ ░░░ ░░░░░░ ░░░░ ░░ ░░░░░ ░░░ ░░░░ ░░░ ░░░░░ ░░░░ ░░░░░░ ░░░ ░░░░ ░░ ░░░░░░ ░░░ ░░░░ ░░░░░ ░░░ ░░░░ ░░░░░░ ░░░ ░░░░ ░░ ░░░░ ░░░░░ ░░░ ░░░░░ ░░░░ ░░░ ░░░░░░ ░░░░ ░░ ░░░░░ ░░░ ░░░░ ░░░ ░░░░░ ░░░░ ░░░░░░ ░░░ ░░░░ ░░ ░░░░░░ ░░░ ░░░░ ░░░░░ ░░░ ░░░░ ░░░░░░ ░░░ ░░░░ ░░ ░░░░ ░░░░░ ░░░ ░░░░░ ░░░░ ░░░ ░░░░░░ ░░░░ ░░ ░░░░░ ░░░ ░░░░ ░░░ ░░░░░ ░░░░ ░░░░░░ ░░░ ░░░░ ░░ ░░░░░░ ░░░ ░░░░ ░░░░░ ░░░ ░░░░ ░░░░░░ ░░░ ░░░░ ░░ ░░░░ ░░░░░ ░░░ ░░░░░ ░░░░ ░░░ ░░░░░░ ░░░░ ░░ ░░░░░ ░░░ ░░░░ ░░░ ░░░░░ ░░░░ ░░░░░░ ░░░ ░░░░ ░░
স্বাধীনতা আমাদের কী দিয়েছে?
তসলিমা নাসরিন
░░░ ░░░░ ░░░░░ ░░░ ░░░░░░ ░░░░ ░░ ░░░░░░ ░░░ ░░░░ ░░░░░ ░░░ ░░░░ ░░░░░░ ░░░ ░░░░ ░░ ░░░░ ░░░░░ ░░░ ░░░░░ ░░░░ ░░░ ░░░░░░ ░░░░ ░░ ░░░░░ ░░░ ░░░░ ░░░ ░░░░░ ░░░░ ░░░░░░ ░░░ ░░░░ ░░ ░░░░░░ ░░░ ░░░░ ░░░░░ ░░░ ░░░░ ░░░░░░ ░░░ ░░░░ ░░ ░░░░ ░░░░░ ░░░ ░░░░░ ░░░░ ░░░ ░░░░░░ ░░░░ ░░ ░░░░░ ░░░ ░░░░ ░░░ ░░░░░ ░░░░ ░░░░░░ ░░░ ░░░░ ░░ ░░░░░░ ░░░ ░░░░ ░░░░░ ░░░ ░░░░ ░░░░░░ ░░░ ░░░░ ░░ ░░░░ ░░░░░ ░░░ ░░░░░ ░░░░ ░░░ ░░░░░░ ░░░░ ░░ ░░░░░ ░░░ ░░░░ ░░░ ░░░░░ ░░░░ ░░░░░░ ░░░ ░░░░ ░░ ░░░░░░ ░░░ ░░░░ ░░░░░ ░░░ ░░░░ ░░░░░░ ░░░ ░░░░ ░░ ░░░░ ░░░░░ ░░░ ░░░░░ ░░░░ ░░░ ░░░░░░ ░░░░ ░░ ░░░░░ ░░░ ░░░░ ░░░ ░░░░░ ░░░░ ░░░░░░ ░░░ ░░░░ ░░ ░░░░░░ ░░░ ░░░░ ░░░░░ ░░░ ░░░░ ░░░░░░ ░░░ ░░░░ ░░ ░░░░ ░░░░░ ░░░ ░░░░░ ░░░░ ░░░ ░░░░░░ ░░░░ ░░ ░░░░░ ░░░ ░░░░ ░░░ ░░░░░ ░░░░ ░░░░░░ ░░░ ░░░░ ░░
░░░ ░░░░ ░░░░░ ░░░ ░░░░░░ ░░░░ ░░ ░░░░░░ ░░░ ░░░░ ░░░░░ ░░░ ░░░░ ░░░░░░ ░░░ ░░░░ ░░ ░░░░ ░░░░░ ░░░ ░░░░░ ░░░░ ░░░ ░░░░░░ ░░░░ ░░ ░░░░░ ░░░ ░░░░ ░░░ ░░░░░ ░░░░ ░░░░░░ ░░░ ░░░░ ░░ ░░░░░░ ░░░ ░░░░ ░░░░░ ░░░ ░░░░ ░░░░░░ ░░░ ░░░░ ░░ ░░░░ ░░░░░ ░░░ ░░░░░ ░░░░ ░░░ ░░░░░░ ░░░░ ░░ ░░░░░ ░░░ ░░░░ ░░░ ░░░░░ ░░░░ ░░░░░░ ░░░ ░░░░ ░░ ░░░░░░ ░░░ ░░░░ ░░░░░ ░░░ ░░░░ ░░░░░░ ░░░ ░░░░ ░░ ░░░░ ░░░░░ ░░░ ░░░░░ ░░░░ ░░░ ░░░░░░ ░░░░ ░░ ░░░░░ ░░░ ░░░░ ░░░ ░░░░░ ░░░░ ░░░░░░ ░░░ ░░░░ ░░ ░░░░░░ ░░░ ░░░░ ░░░░░ ░░░ ░░░░ ░░░░░░ ░░░ ░░░░ ░░ ░░░░ ░░░░░ ░░░ ░░░░░ ░░░░ ░░░ ░░░░░░ ░░░░ ░░ ░░░░░ ░░░ ░░░░ ░░░ ░░░░░ ░░░░ ░░░░░░ ░░░ ░░░░ ░░ ░░░░░░ ░░░ ░░░░ ░░░░░ ░░░ ░░░░ ░░░░░░ ░░░ ░░░░ ░░ ░░░░ ░░░░░ ░░░ ░░░░░ ░░░░ ░░░ ░░░░░░ ░░░░ ░░ ░░░░░ ░░░ ░░░░ ░░░ ░░░░░ ░░░░ ░░░░░░ ░░░ ░░░░ ░░
░░░ ░░░░ ░░░░░ ░░░ ░░░░░░ ░░░░ ░░ ░░░░░░ ░░░ ░░░░ ░░░░░ ░░░ ░░░░ ░░░░░░ ░░░ ░░░░ ░░ ░░░░ ░░░░░ ░░░ ░░░░░ ░░░░ ░░░ ░░░░░░ ░░░░ ░░ ░░░░░ ░░░ ░░░░ ░░░ ░░░░░ ░░░░ ░░░░░░ ░░░ ░░░░ ░░ ░░░░░░ ░░░ ░░░░ ░░░░░ ░░░ ░░░░ ░░░░░░ ░░░ ░░░░ ░░ ░░░░ ░░░░░ ░░░ ░░░░░ ░░░░ ░░░ ░░░░░░ ░░░░ ░░ ░░░░░ ░░░ ░░░░ ░░░ ░░░░░ ░░░░ ░░░░░░ ░░░ ░░░░ ░░ ░░░░░░ ░░░ ░░░░ ░░░░░ ░░░ ░░░░ ░░░░░░ ░░░ ░░░░ ░░ ░░░░ ░░░░░ ░░░ ░░░░░ ░░░░ ░░░ ░░░░░░ ░░░░ ░░ ░░░░░ ░░░ ░░░░ ░░░ ░░░░░ ░░░░ ░░░░░░ ░░
লেখক : নির্বাসিত লেখিকা
